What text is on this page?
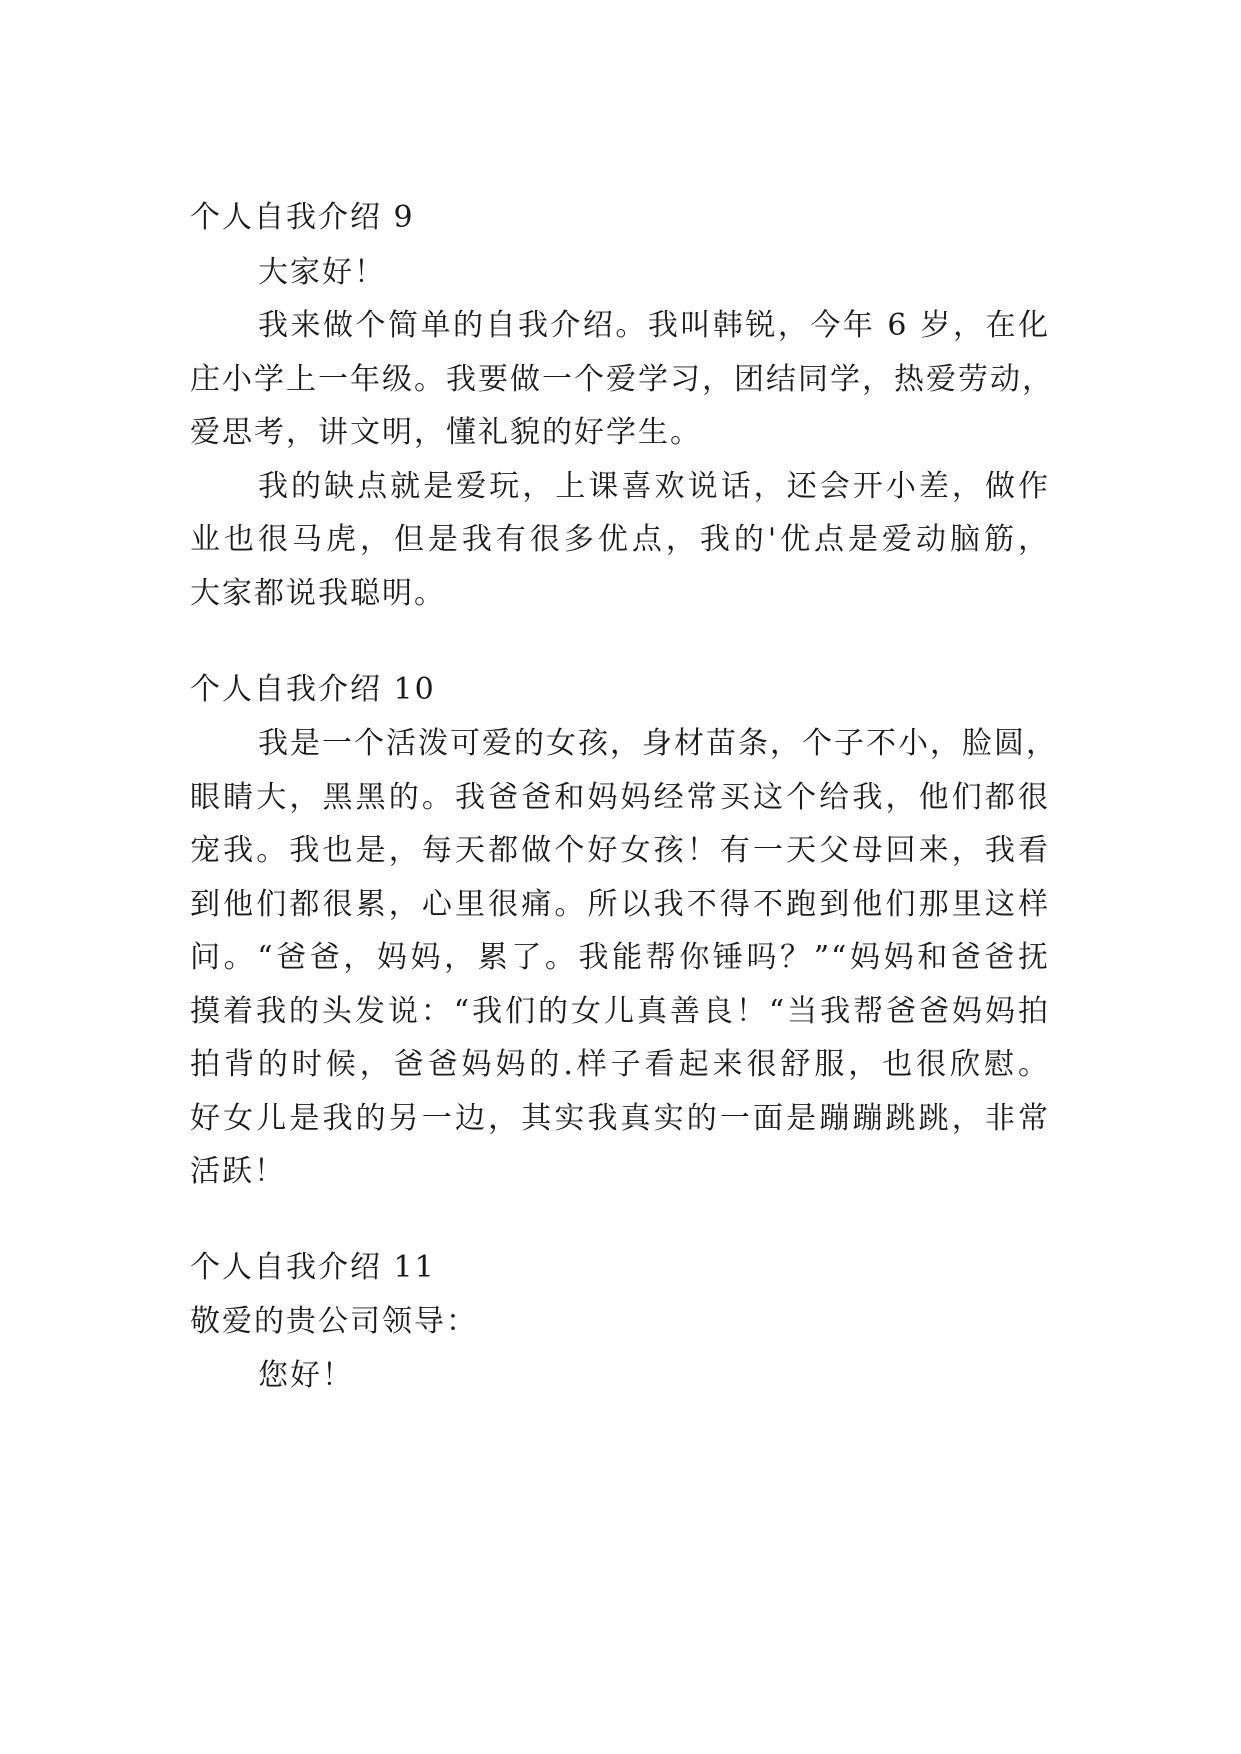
个人自我介绍 9
大家好！
我来做个简单的自我介绍。我叫韩锐，今年 6 岁，在化
庄小学上一年级。我要做一个爱学习，团结同学，热爱劳动，
爱思考，讲文明，懂礼貌的好学生。
我的缺点就是爱玩，上课喜欢说话，还会开小差，做作
业也很马虎，但是我有很多优点，我的'优点是爱动脑筋，
大家都说我聪明。
个人自我介绍 10
我是一个活泼可爱的女孩，身材苗条，个子不小，脸圆，
眼睛大，黑黑的。我爸爸和妈妈经常买这个给我，他们都很
宠我。我也是，每天都做个好女孩！有一天父母回来，我看
到他们都很累，心里很痛。所以我不得不跑到他们那里这样
问。“爸爸，妈妈，累了。我能帮你锤吗？”“妈妈和爸爸抚
摸着我的头发说：“我们的女儿真善良！“当我帮爸爸妈妈拍
拍背的时候，爸爸妈妈的.样子看起来很舒服，也很欣慰。
好女儿是我的另一边，其实我真实的一面是蹦蹦跳跳，非常
活跃！
个人自我介绍 11
敬爱的贵公司领导：
您好！
